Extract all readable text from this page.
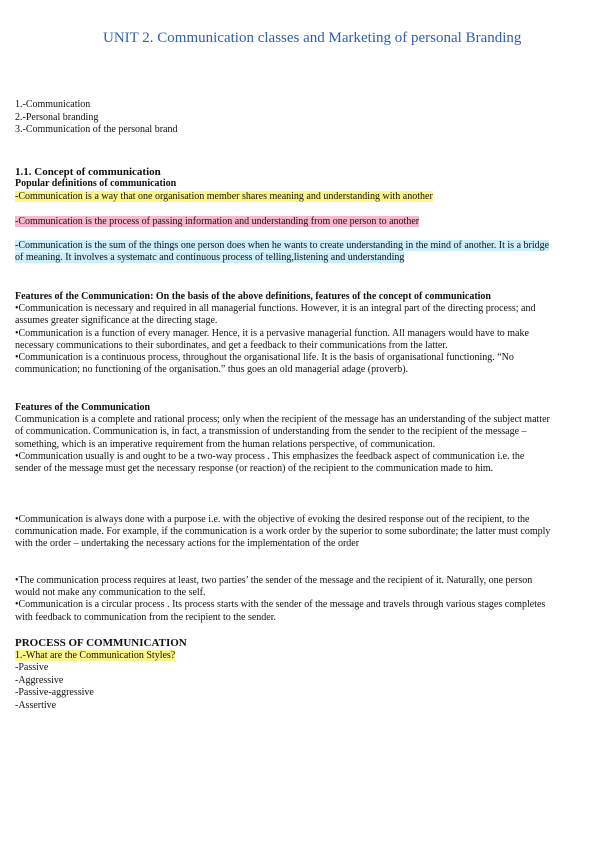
UNIT 2. Communication classes and Marketing of personal Branding

1.-Communication

2.-Personal branding

3.-Communication of the personal brand

1.1. Concept of communication

Popular definitions of communication

-Communication is a way that one organisation member shares meaning and understanding with another
-Communication is the process of passing information and understanding from one person to another
-Communication is the sum of the things one person does when he wants to create understanding in the mind of another. It is a bridge of meaning. It involves a systematc and continuous process of telling,listening and understanding

Features of the Communication: On the basis of the above definitions, features of the concept of communication

•Communication is necessary and required in all managerial functions. However, it is an integral part of the directing process; and assumes greater significance at the directing stage.

•Communication is a function of every manager. Hence, it is a pervasive managerial function. All managers would have to make necessary communications to their subordinates, and get a feedback to their communications from the latter.

•Communication is a continuous process, throughout the organisational life. It is the basis of organisational functioning. “No communication; no functioning of the organisation.” thus goes an old managerial adage (proverb).

Features of the Communication

Communication is a complete and rational process; only when the recipient of the message has an understanding of the subject matter of communication. Communication is, in fact, a transmission of understanding from the sender to the recipient of the message – something, which is an imperative requirement from the human relations perspective, of communication.

•Communication usually is and ought to be a two-way process . This emphasizes the feedback aspect of communication i.e. the sender of the message must get the necessary response (or reaction) of the recipient to the communication made to him.

•Communication is always done with a purpose i.e. with the objective of evoking the desired response out of the recipient, to the communication made. For example, if the communication is a work order by the superior to some subordinate; the latter must comply with the order – undertaking the necessary actions for the implementation of the order

•The communication process requires at least, two parties’ the sender of the message and the recipient of it. Naturally, one person would not make any communication to the self.

•Communication is a circular process . Its process starts with the sender of the message and travels through various stages completes with feedback to communication from the recipient to the sender.

PROCESS OF COMMUNICATION

1.-What are the Communication Styles?

-Passive

-Aggressive

-Passive-aggressive

-Assertive
